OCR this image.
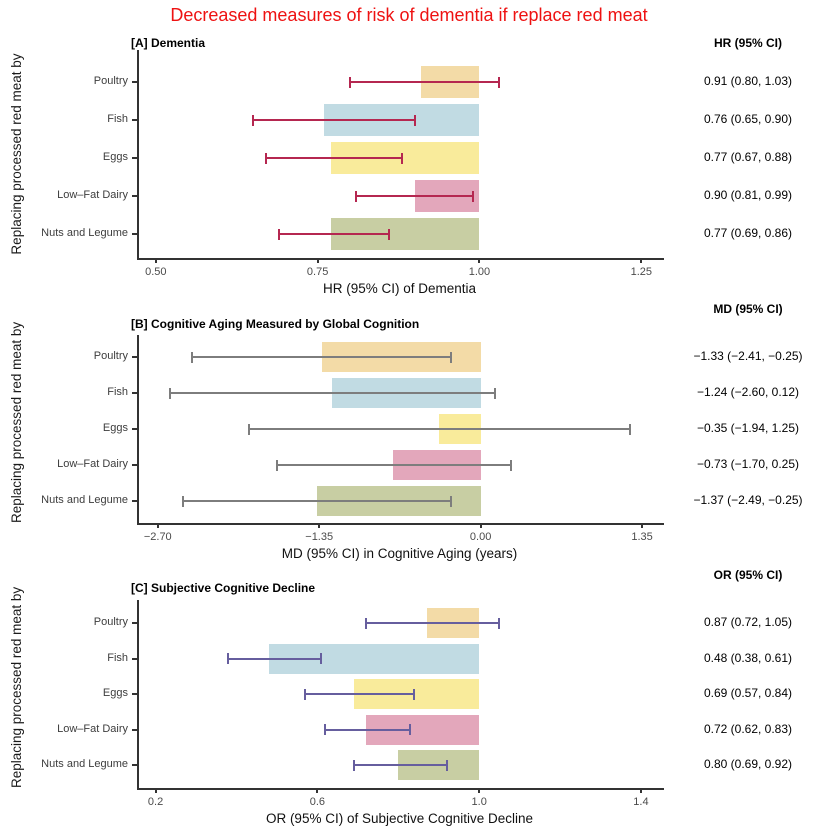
Decreased measures of risk of dementia if replace red meat
[A] Dementia	HR (95% CI)
Replacing processed red meat by
0.50	0.75	1.00	1.25
Poultry	0.91 (0.80, 1.03)
Fish	0.76 (0.65, 0.90)
Eggs	0.77 (0.67, 0.88)
Low–Fat Dairy	0.90 (0.81, 0.99)
Nuts and Legume	0.77 (0.69, 0.86)
HR (95% CI) of Dementia
[B] Cognitive Aging Measured by Global Cognition
MD (95% CI)
Replacing processed red meat by
−2.70	−1.35	0.00	1.35
Poultry	−1.33 (−2.41, −0.25)
Fish	−1.24 (−2.60, 0.12)
Eggs	−0.35 (−1.94, 1.25)
Low–Fat Dairy	−0.73 (−1.70, 0.25)
Nuts and Legume	−1.37 (−2.49, −0.25)
MD (95% CI) in Cognitive Aging (years)
[C] Subjective Cognitive Decline
OR (95% CI)
Replacing processed red meat by
0.2	0.6	1.0	1.4
Poultry	0.87 (0.72, 1.05)
Fish	0.48 (0.38, 0.61)
Eggs	0.69 (0.57, 0.84)
Low–Fat Dairy	0.72 (0.62, 0.83)
Nuts and Legume	0.80 (0.69, 0.92)
OR (95% CI) of Subjective Cognitive Decline
